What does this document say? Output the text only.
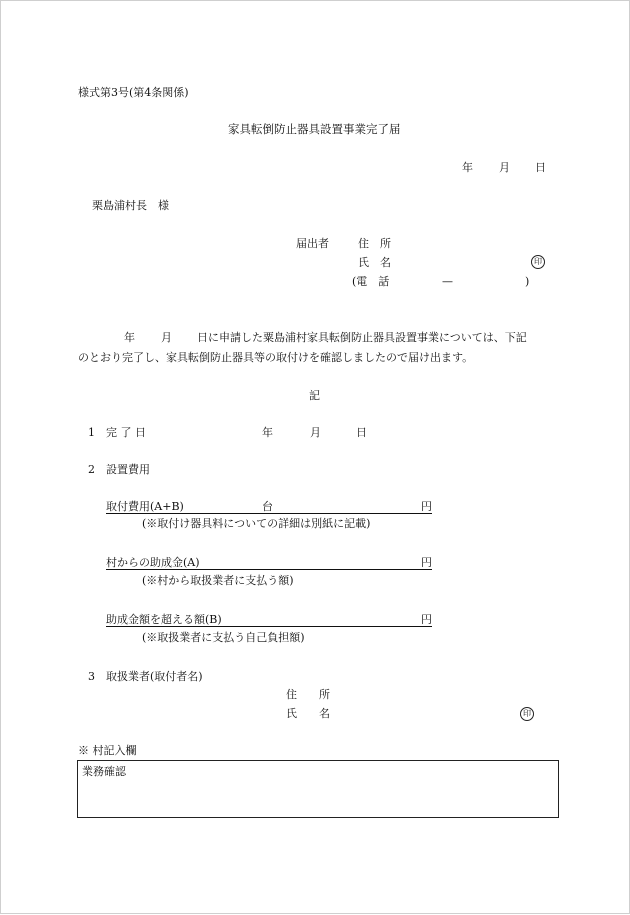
様式第3号(第4条関係)
家具転倒防止器具設置事業完了届
年 月 日
栗島浦村長　様
届出者	住　所
氏　名	印
(電　話	—	)
年 月 日に申請した粟島浦村家具転倒防止器具設置事業については、下記
のとおり完了し、家具転倒防止器具等の取付けを確認しましたので届け出ます。
記
1 完 了 日	年	月	日
2 設置費用
取付費用(A+B)	台	円
(※取付け器具料についての詳細は別紙に記載)
村からの助成金(A)	円
(※村から取扱業者に支払う額)
助成金額を超える額(B)	円
(※取扱業者に支払う自己負担額)
3 取扱業者(取付者名)
住　　所
氏　　名	印
※ 村記入欄
業務確認
